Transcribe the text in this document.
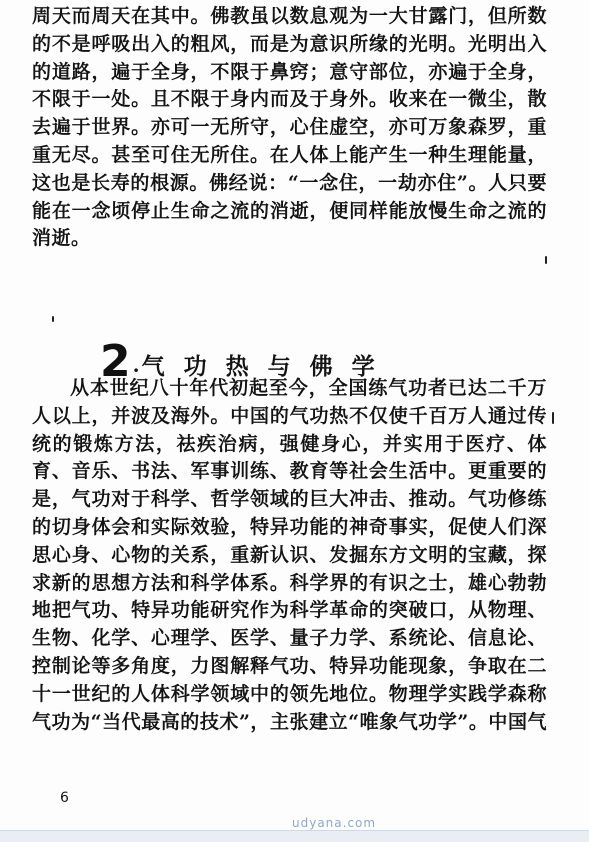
周天而周天在其中。佛教虽以数息观为一大甘露门，但所数
的不是呼吸出入的粗风，而是为意识所缘的光明。光明出入
的道路，遍于全身，不限于鼻窍；意守部位，亦遍于全身，
不限于一处。且不限于身内而及于身外。收来在一微尘，散
去遍于世界。亦可一无所守，心住虚空，亦可万象森罗，重
重无尽。甚至可住无所住。在人体上能产生一种生理能量，
这也是长寿的根源。佛经说：“一念住，一劫亦住”。人只要
能在一念顷停止生命之流的消逝，便同样能放慢生命之流的
消逝。
2 · 气功热与佛学
从本世纪八十年代初起至今，全国练气功者已达二千万
人以上，并波及海外。中国的气功热不仅使千百万人通过传
统的锻炼方法，祛疾治病，强健身心，并实用于医疗、体
育、音乐、书法、军事训练、教育等社会生活中。更重要的
是，气功对于科学、哲学领域的巨大冲击、推动。气功修练
的切身体会和实际效验，特异功能的神奇事实，促使人们深
思心身、心物的关系，重新认识、发掘东方文明的宝藏，探
求新的思想方法和科学体系。科学界的有识之士，雄心勃勃
地把气功、特异功能研究作为科学革命的突破口，从物理、
生物、化学、心理学、医学、量子力学、系统论、信息论、
控制论等多角度，力图解释气功、特异功能现象，争取在二
十一世纪的人体科学领域中的领先地位。物理学实践学森称
气功为“当代最高的技术”，主张建立“唯象气功学”。中国气
6
udyana.com
